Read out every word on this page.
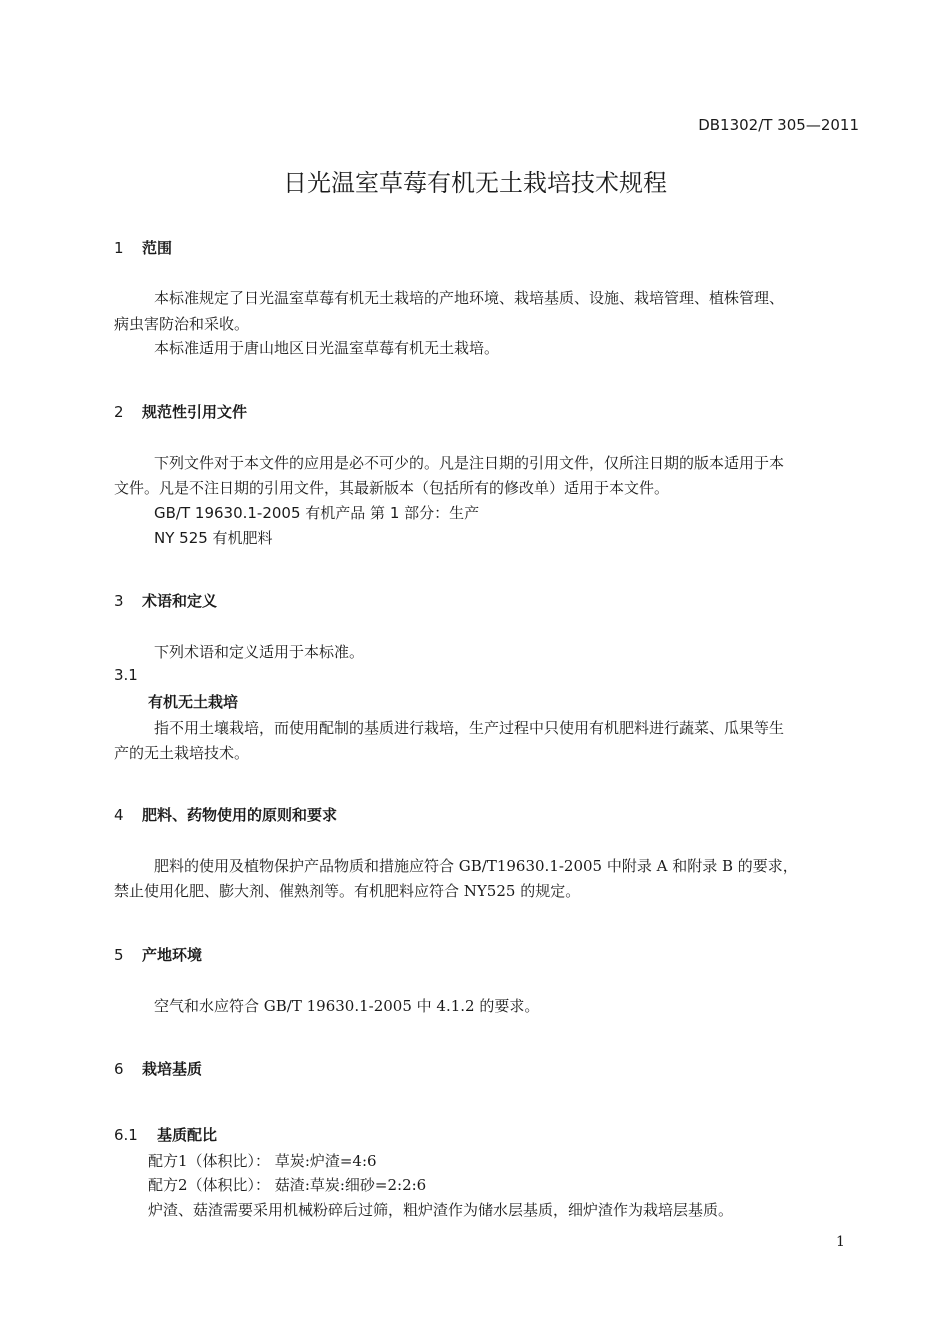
DB1302/T 305—2011
日光温室草莓有机无土栽培技术规程
1 范围
本标准规定了日光温室草莓有机无土栽培的产地环境、栽培基质、设施、栽培管理、植株管理、
病虫害防治和采收。
本标准适用于唐山地区日光温室草莓有机无土栽培。
2 规范性引用文件
下列文件对于本文件的应用是必不可少的。凡是注日期的引用文件，仅所注日期的版本适用于本
文件。凡是不注日期的引用文件，其最新版本（包括所有的修改单）适用于本文件。
GB/T 19630.1-2005 有机产品 第 1 部分：生产
NY 525 有机肥料
3 术语和定义
下列术语和定义适用于本标准。
3.1
有机无土栽培
指不用土壤栽培，而使用配制的基质进行栽培，生产过程中只使用有机肥料进行蔬菜、瓜果等生
产的无土栽培技术。
4 肥料、药物使用的原则和要求
肥料的使用及植物保护产品物质和措施应符合 GB/T19630.1-2005 中附录 A 和附录 B 的要求，
禁止使用化肥、膨大剂、催熟剂等。有机肥料应符合 NY525 的规定。
5 产地环境
空气和水应符合 GB/T 19630.1-2005 中 4.1.2 的要求。
6 栽培基质
6.1 基质配比
配方1（体积比）： 草炭:炉渣=4:6
配方2（体积比）： 菇渣:草炭:细砂=2:2:6
炉渣、菇渣需要采用机械粉碎后过筛，粗炉渣作为储水层基质，细炉渣作为栽培层基质。
1
